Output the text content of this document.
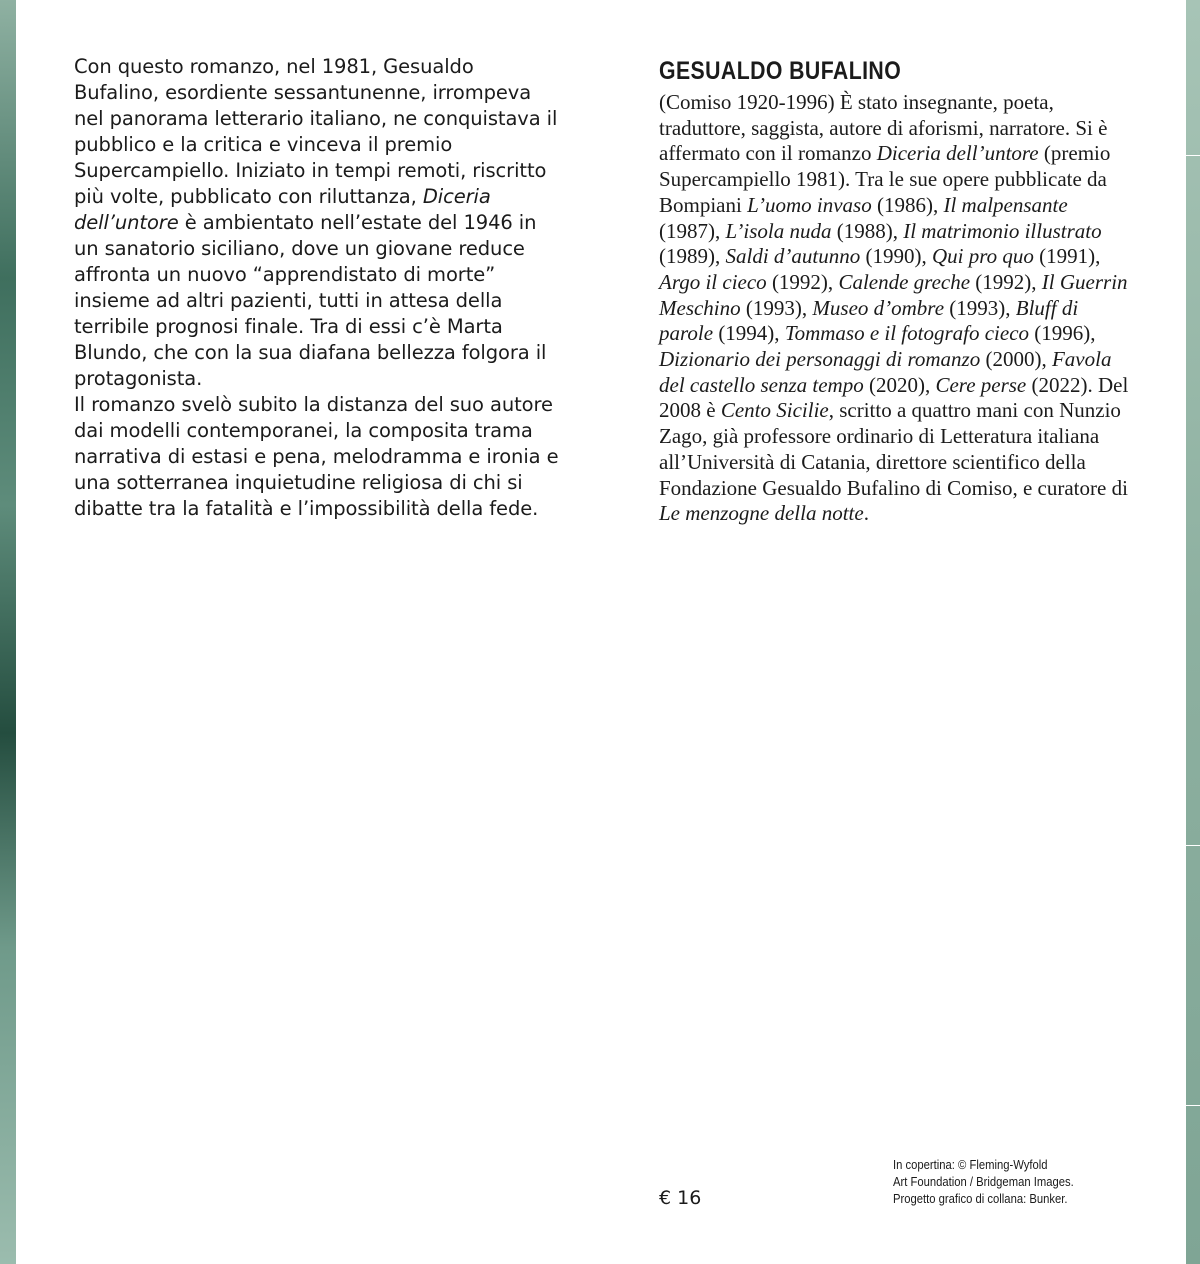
Con questo romanzo, nel 1981, Gesualdo Bufalino, esordiente sessantunenne, irrompeva nel panorama letterario italiano, ne conquistava il pubblico e la critica e vinceva il premio Supercampiello. Iniziato in tempi remoti, riscritto più volte, pubblicato con riluttanza, Diceria dell’untore è ambientato nell’estate del 1946 in un sanatorio siciliano, dove un giovane reduce affronta un nuovo “apprendistato di morte” insieme ad altri pazienti, tutti in attesa della terribile prognosi finale. Tra di essi c’è Marta Blundo, che con la sua diafana bellezza folgora il protagonista.

Il romanzo svelò subito la distanza del suo autore dai modelli contemporanei, la composita trama narrativa di estasi e pena, melodramma e ironia e una sotterranea inquietudine religiosa di chi si dibatte tra la fatalità e l’impossibilità della fede.

GESUALDO BUFALINO

(Comiso 1920-1996) È stato insegnante, poeta, traduttore, saggista, autore di aforismi, narratore. Si è affermato con il romanzo Diceria dell’untore (premio Supercampiello 1981). Tra le sue opere pubblicate da Bompiani L’uomo invaso (1986), Il malpensante (1987), L’isola nuda (1988), Il matrimonio illustrato (1989), Saldi d’autunno (1990), Qui pro quo (1991), Argo il cieco (1992), Calende greche (1992), Il Guerrin Meschino (1993), Museo d’ombre (1993), Bluff di parole (1994), Tommaso e il fotografo cieco (1996), Dizionario dei personaggi di romanzo (2000), Favola del castello senza tempo (2020), Cere perse (2022). Del 2008 è Cento Sicilie, scritto a quattro mani con Nunzio Zago, già professore ordinario di Letteratura italiana all’Università di Catania, direttore scientifico della Fondazione Gesualdo Bufalino di Comiso, e curatore di Le menzogne della notte.

€ 16
In copertina: © Fleming-Wyfold
Art Foundation / Bridgeman Images.
Progetto grafico di collana: Bunker.
